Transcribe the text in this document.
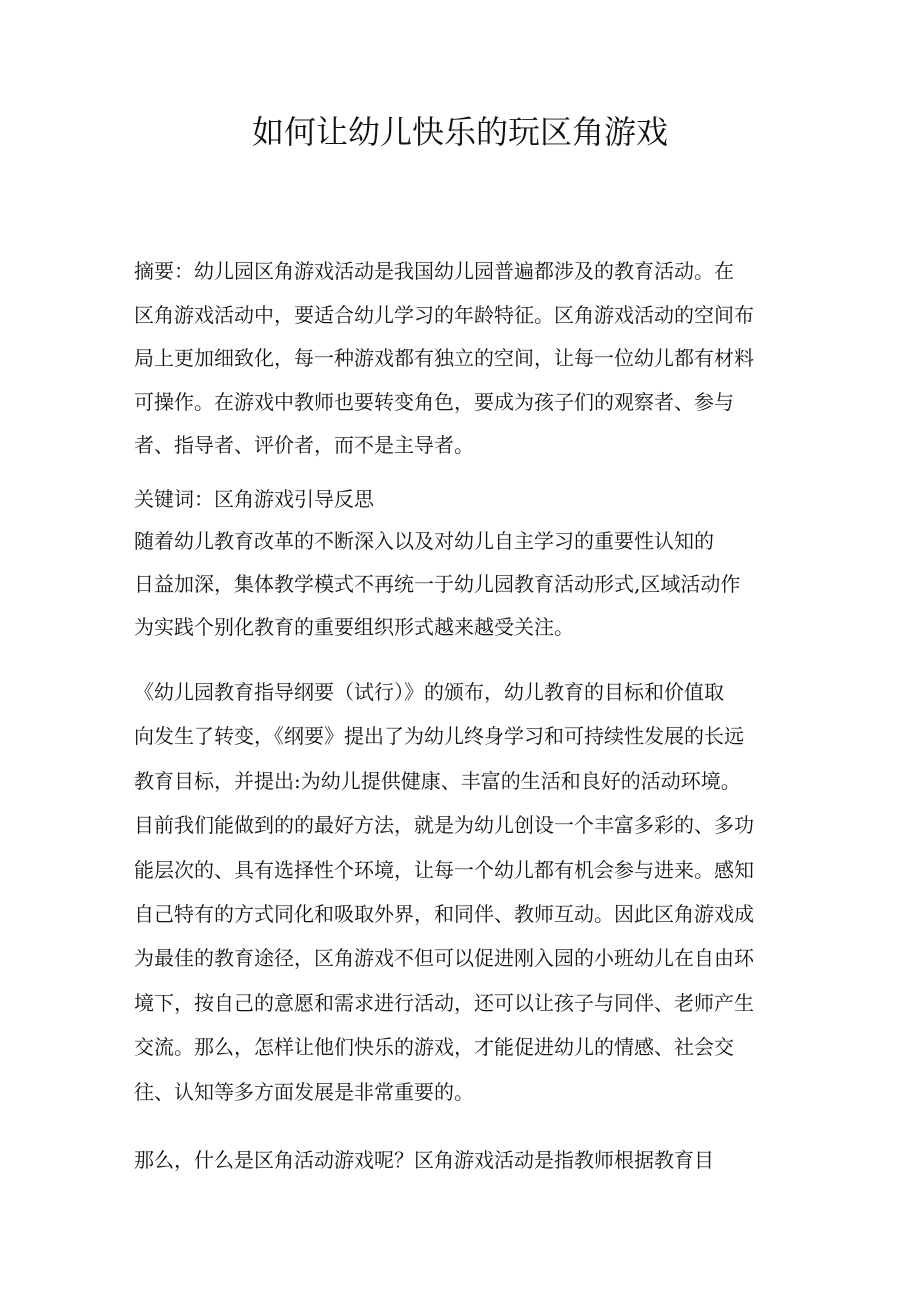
如何让幼儿快乐的玩区角游戏

摘要：幼儿园区角游戏活动是我国幼儿园普遍都涉及的教育活动。在
区角游戏活动中，要适合幼儿学习的年龄特征。区角游戏活动的空间布
局上更加细致化，每一种游戏都有独立的空间，让每一位幼儿都有材料
可操作。在游戏中教师也要转变角色，要成为孩子们的观察者、参与
者、指导者、评价者，而不是主导者。

关键词：区角游戏引导反思

随着幼儿教育改革的不断深入以及对幼儿自主学习的重要性认知的
日益加深，集体教学模式不再统一于幼儿园教育活动形式,区域活动作
为实践个别化教育的重要组织形式越来越受关注。

《幼儿园教育指导纲要（试行）》的颁布，幼儿教育的目标和价值取
向发生了转变，《纲要》提出了为幼儿终身学习和可持续性发展的长远
教育目标，并提出:为幼儿提供健康、丰富的生活和良好的活动环境。
目前我们能做到的的最好方法，就是为幼儿创设一个丰富多彩的、多功
能层次的、具有选择性个环境，让每一个幼儿都有机会参与进来。感知
自己特有的方式同化和吸取外界，和同伴、教师互动。因此区角游戏成
为最佳的教育途径，区角游戏不但可以促进刚入园的小班幼儿在自由环
境下，按自己的意愿和需求进行活动，还可以让孩子与同伴、老师产生
交流。那么，怎样让他们快乐的游戏，才能促进幼儿的情感、社会交
往、认知等多方面发展是非常重要的。

那么，什么是区角活动游戏呢？区角游戏活动是指教师根据教育目
